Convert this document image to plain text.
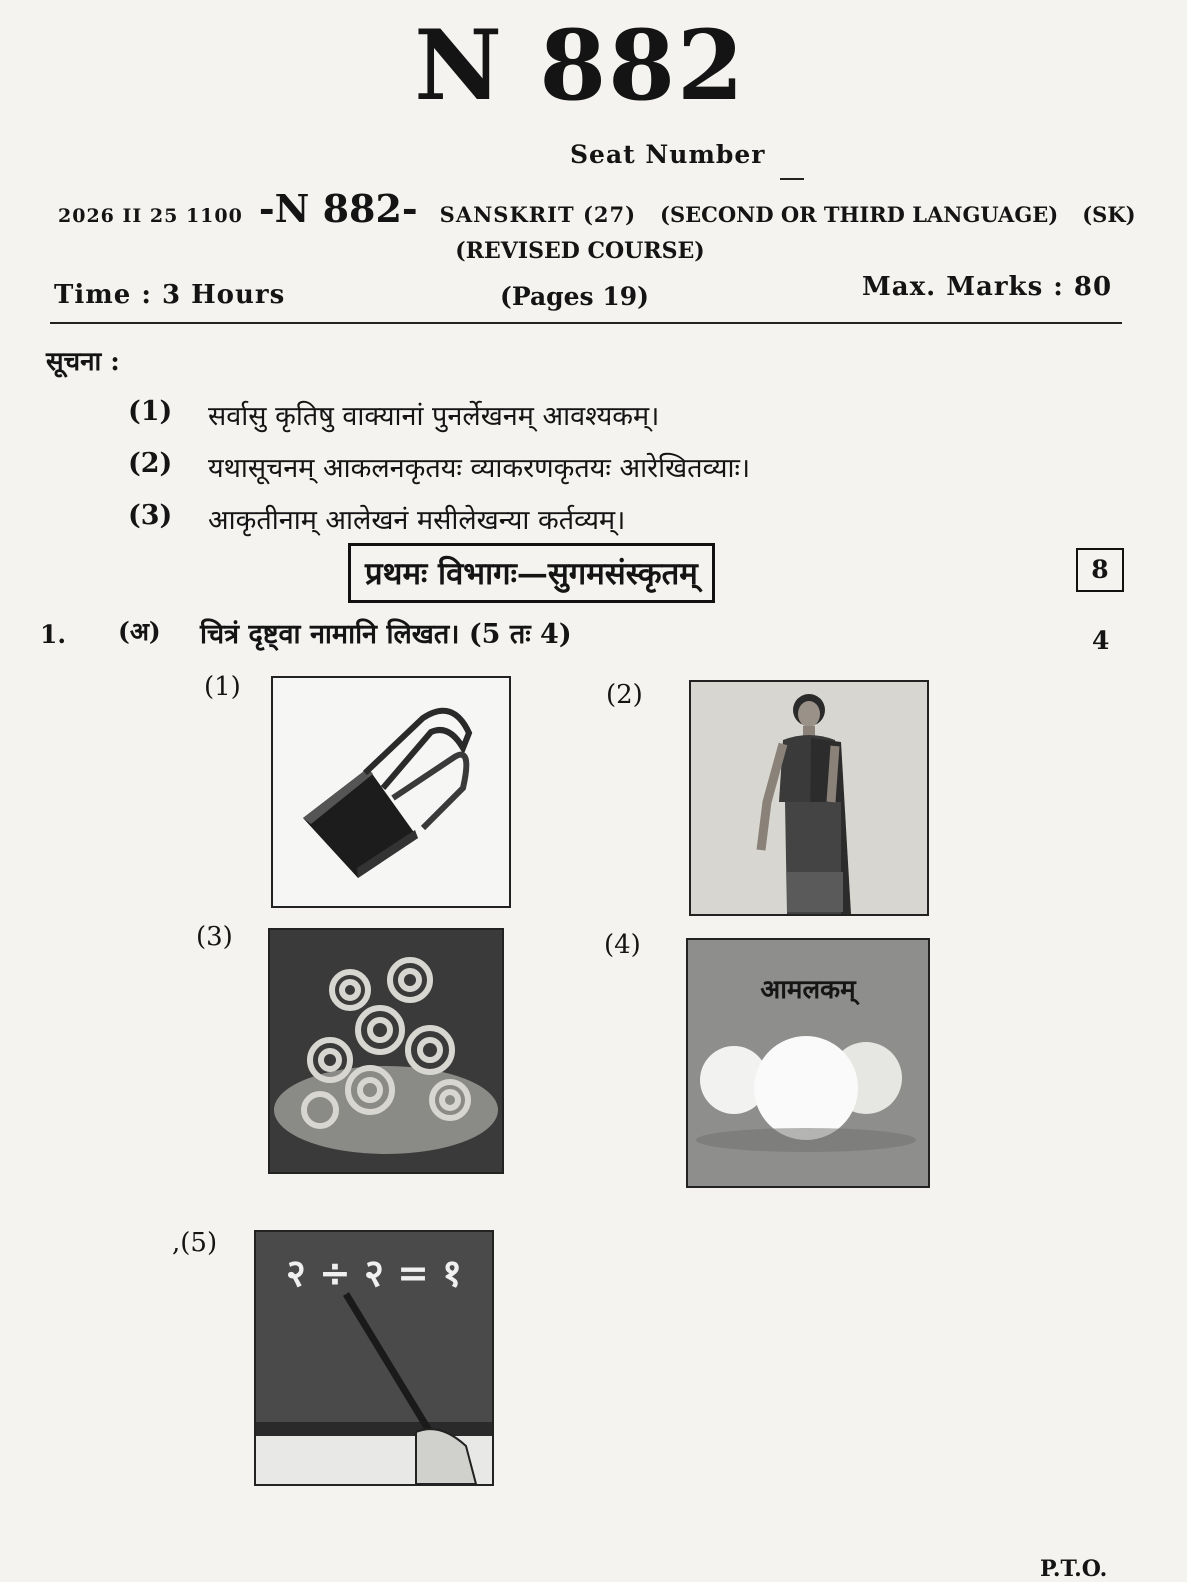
N 882
Seat Number
2026 II 25 1100 -N 882- SANSKRIT (27) (SECOND OR THIRD LANGUAGE) (SK)
(REVISED COURSE)
Time : 3 Hours	(Pages 19)	Max. Marks : 80
सूचना :
(1)	सर्वासु कृतिषु वाक्यानां पुनर्लेखनम् आवश्यकम्।
(2)	यथासूचनम् आकलनकृतयः व्याकरणकृतयः आरेखितव्याः।
(3)	आकृतीनाम् आलेखनं मसीलेखन्या कर्तव्यम्।
प्रथमः विभागः—सुगमसंस्कृतम्	8
1. (अ) चित्रं दृष्ट्वा नामानि लिखत। (5 तः 4)	4
(1)	(2)
(3)	(4)
आमलकम्
,(5)
२ ÷ २ = १
P.T.O.
